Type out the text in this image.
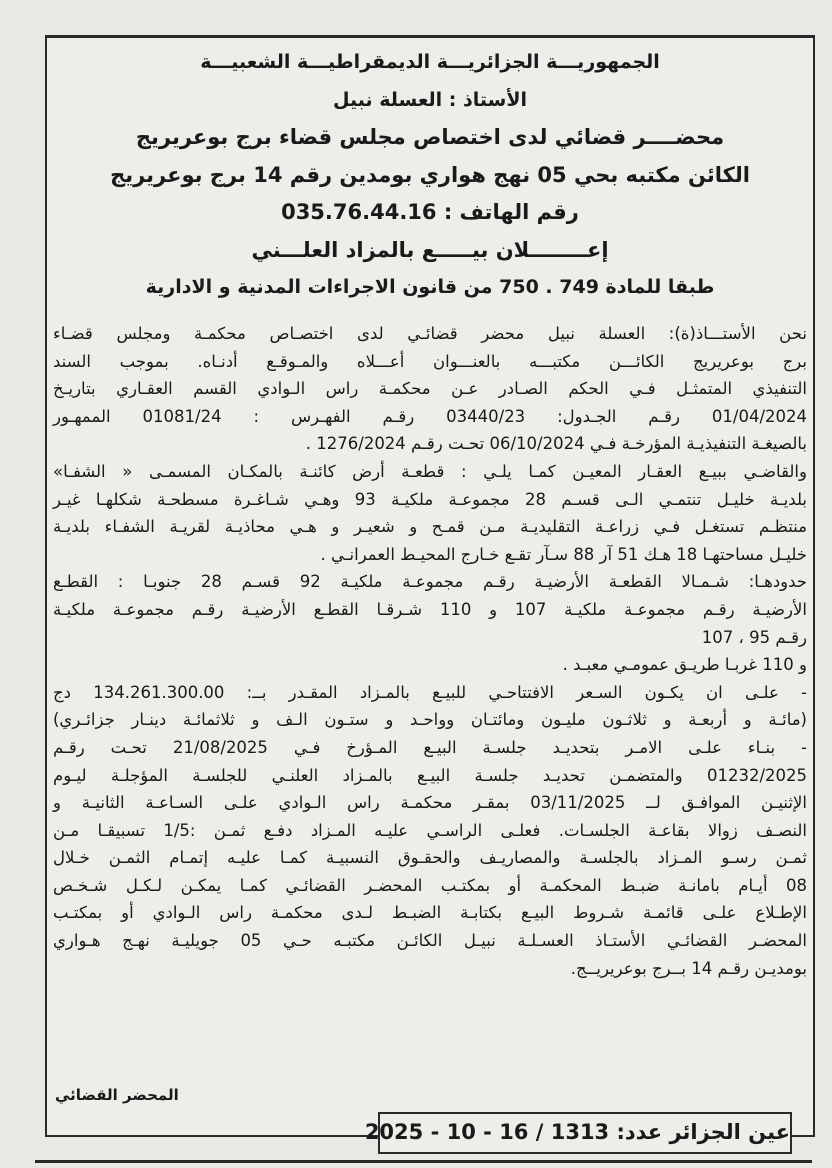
الجمهوريـــة الجزائريـــة الديمقراطيـــة الشعبيـــة
الأستاذ : العسلة نبيل
محضــــر قضائي لدى اختصاص مجلس قضاء برج بوعريريج
الكائن مكتبه بحي 05 نهج هواري بومدين رقم 14 برج بوعريريج
رقم الهاتف : 035.76.44.16
إعــــــــلان بيـــــع بالمزاد العلـــني
طبقا للمادة 749 . 750 من قانون الاجراءات المدنية و الادارية
نحن الأستـــاذ(ة): العسلة نبيل محضر قضائـي لدى اختصـاص محكمـة ومجلس قضـاء
برج بوعريريج الكائـــن مكتبـــه بالعنـــوان أعـــلاه والمـوقـع أدنـاه. بموجب السند
التنفيذي المتمثـل فـي الحكم الصـادر عـن محكمـة راس الـوادي القسم العقـاري بتاريـخ
01/04/2024 رقـم الجـدول: 03440/23 رقـم الفهـرس : 01081/24 الممهـور
بالصيغـة التنفيذيـة المؤرخـة فـي 06/10/2024 تحـت رقـم 1276/2024 .
والقاضـي ببيـع العقـار المعيـن كمـا يلـي : قطعـة أرض كائنـة بالمكـان المسمـى « الشفـا»
بلديـة خليـل تنتمـي الـى قسـم 28 مجموعـة ملكيـة 93 وهـي شـاغـرة مسطحـة شكلهـا غيـر
منتظـم تستغـل فـي زراعـة التقليديـة مـن قمـح و شعيـر و هـي محاذيـة لقريـة الشفـاء بلديـة
خليـل مساحتهـا 18 هـك 51 آر 88 سـآر تقـع خـارج المحيـط العمرانـي .
حدودهـا: شـمـالا القطعـة الأرضيـة رقـم مجموعـة ملكيـة 92 قسـم 28 جنوبـا : القطـع
الأرضيـة رقـم مجموعـة ملكيـة 107 و 110 شـرقـا القطـع الأرضيـة رقـم مجموعـة ملكيـة
رقـم 95 ، 107
و 110 غربـا طريـق عمومـي معبـد .
- علـى ان يكـون السـعر الافتتاحـي للبيـع بالمـزاد المقـدر بــ: 134.261.300.00 دج
(مائـة و أربعـة و ثلاثـون مليـون ومائتـان وواحـد و ستـون الـف و ثلاثمائـة دينـار جزائـري)
- بنـاء علـى الامـر بتحديـد جلسـة البيـع المـؤرخ فـي 21/08/2025 تحـت رقـم
01232/2025 والمتضمـن تحديـد جلسـة البيـع بالمـزاد العلنـي للجلسـة المؤجلـة ليـوم
الإثنيـن الموافـق لــ 03/11/2025 بمقـر محكمـة راس الـوادي علـى السـاعـة الثانيـة و
النصـف زوالا بقاعـة الجلسـات. فعلـى الراسـي عليـه المـزاد دفـع ثمـن :1/5 تسبيقـا مـن
ثمـن رسـو المـزاد بالجلسـة والمصاريـف والحقـوق النسبيـة كمـا عليـه إتمـام الثمـن خـلال
08 أيـام بامانـة ضبـط المحكمـة أو بمكتـب المحضـر القضائـي كمـا يمكـن لـكـل شـخـص
الإطـلاع علـى قائمـة شـروط البيـع بكتابـة الضبـط لـدى محكمـة راس الـوادي أو بمكتـب
المحضـر القضائـي الأستـاذ العسـلـة نبيـل الكائـن مكتبـه حـي 05 جويليـة نهـج هـواري
بومديـن رقـم 14 بــرج بوعريريــج.
المحضر القضائي
عين الجزائر عدد: 1313 / 16 - 10 - 2025
